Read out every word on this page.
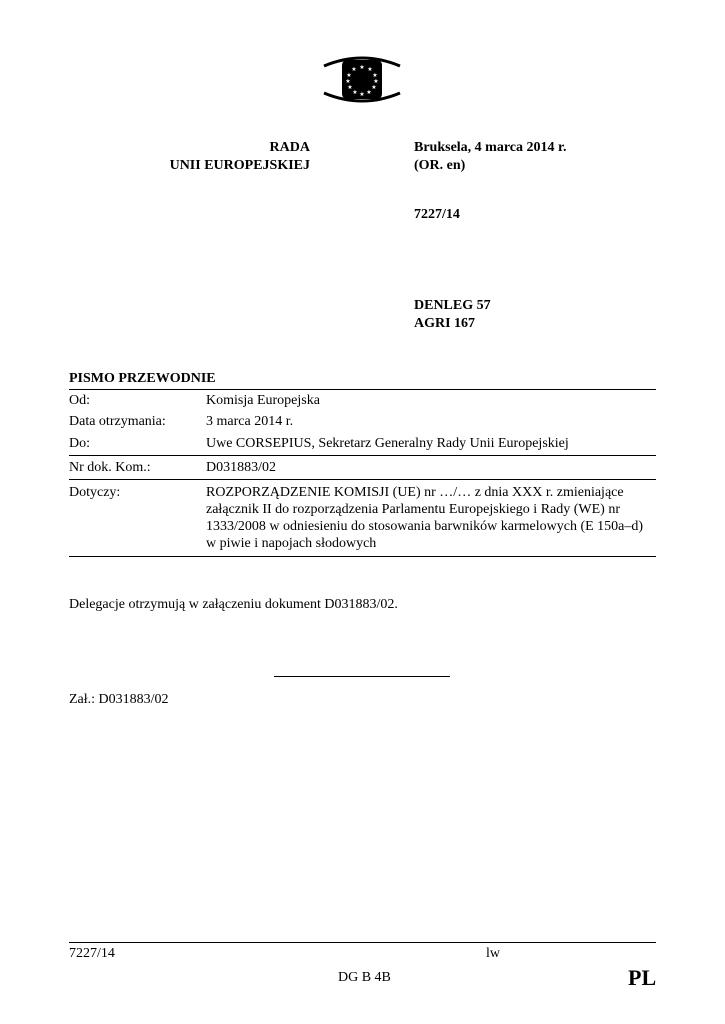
★ ★
★
★
★
★
★
★
★
★
★
★
RADA
UNII EUROPEJSKIEJ
Bruksela, 4 marca 2014 r.
(OR. en)
7227/14
DENLEG 57
AGRI 167
PISMO PRZEWODNIE
Od:	Komisja Europejska
Data otrzymania:	3 marca 2014 r.
Do:	Uwe CORSEPIUS, Sekretarz Generalny Rady Unii Europejskiej
Nr dok. Kom.:	D031883/02
Dotyczy:	ROZPORZĄDZENIE KOMISJI (UE) nr …/… z dnia XXX r. zmieniające załącznik II do rozporządzenia Parlamentu Europejskiego i Rady (WE) nr 1333/2008 w odniesieniu do stosowania barwników karmelowych (E 150a–d) w piwie i napojach słodowych
Delegacje otrzymują w załączeniu dokument D031883/02.
Zał.: D031883/02
7227/14	lw
DG B 4B	PL
